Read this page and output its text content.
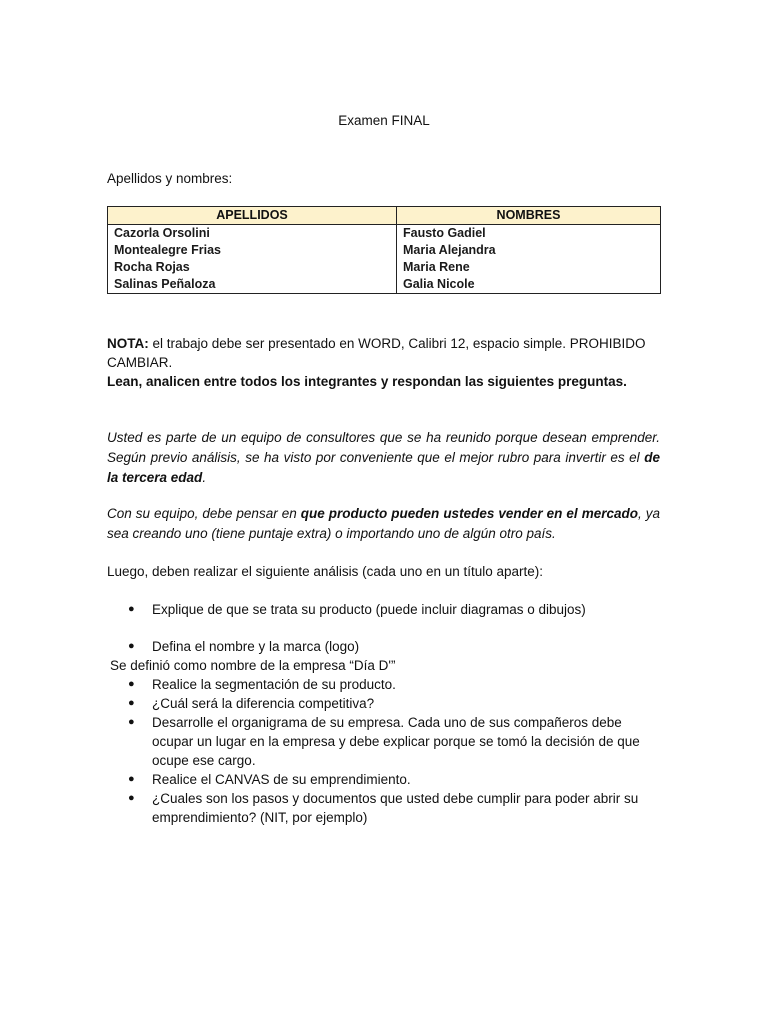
Examen FINAL
Apellidos y nombres:
APELLIDOS	NOMBRES
Cazorla Orsolini	Fausto Gadiel
Montealegre Frias	Maria Alejandra
Rocha Rojas	Maria Rene
Salinas Peñaloza	Galia Nicole
NOTA: el trabajo debe ser presentado en WORD, Calibri 12, espacio simple. PROHIBIDO CAMBIAR.
Lean, analicen entre todos los integrantes y respondan las siguientes preguntas.
Usted es parte de un equipo de consultores que se ha reunido porque desean emprender. Según previo análisis, se ha visto por conveniente que el mejor rubro para invertir es el de la tercera edad.
Con su equipo, debe pensar en que producto pueden ustedes vender en el mercado, ya sea creando uno (tiene puntaje extra) o importando uno de algún otro país.
Luego, deben realizar el siguiente análisis (cada uno en un título aparte):
●	Explique de que se trata su producto (puede incluir diagramas o dibujos)
●	Defina el nombre y la marca (logo)
Se definió como nombre de la empresa “Día D'”
●	Realice la segmentación de su producto.
●	¿Cuál será la diferencia competitiva?
●	Desarrolle el organigrama de su empresa. Cada uno de sus compañeros debe ocupar un lugar en la empresa y debe explicar porque se tomó la decisión de que ocupe ese cargo.
●	Realice el CANVAS de su emprendimiento.
●	¿Cuales son los pasos y documentos que usted debe cumplir para poder abrir su emprendimiento? (NIT, por ejemplo)
